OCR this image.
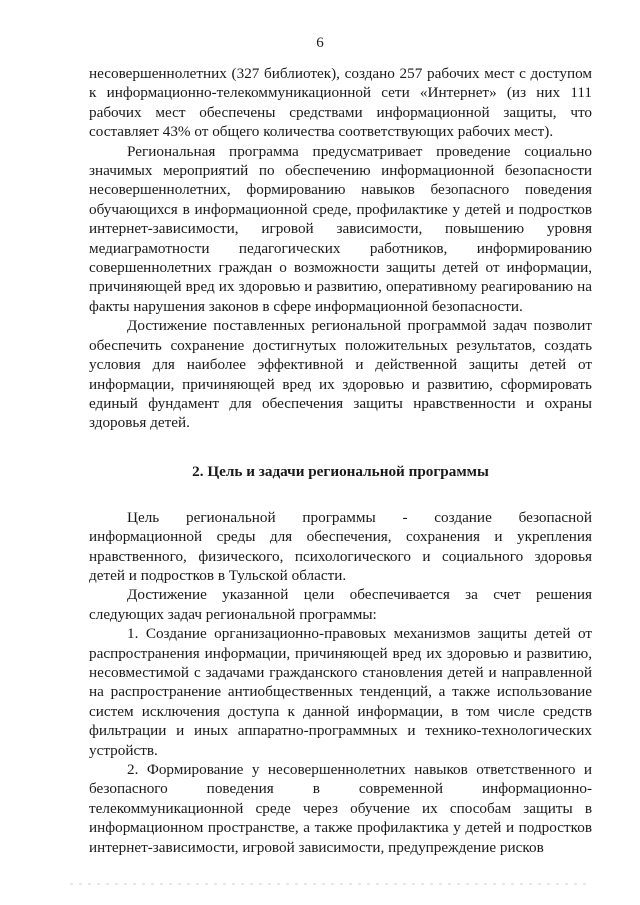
6

несовершеннолетних (327 библиотек), создано 257 рабочих мест с доступом к информационно-телекоммуникационной сети «Интернет» (из них 111 рабочих мест обеспечены средствами информационной защиты, что составляет 43% от общего количества соответствующих рабочих мест).

Региональная программа предусматривает проведение социально значимых мероприятий по обеспечению информационной безопасности несовершеннолетних, формированию навыков безопасного поведения обучающихся в информационной среде, профилактике у детей и подростков интернет-зависимости, игровой зависимости, повышению уровня медиаграмотности педагогических работников, информированию совершеннолетних граждан о возможности защиты детей от информации, причиняющей вред их здоровью и развитию, оперативному реагированию на факты нарушения законов в сфере информационной безопасности.

Достижение поставленных региональной программой задач позволит обеспечить сохранение достигнутых положительных результатов, создать условия для наиболее эффективной и действенной защиты детей от информации, причиняющей вред их здоровью и развитию, сформировать единый фундамент для обеспечения защиты нравственности и охраны здоровья детей.

2. Цель и задачи региональной программы

Цель региональной программы - создание безопасной информационной среды для обеспечения, сохранения и укрепления нравственного, физического, психологического и социального здоровья детей и подростков в Тульской области.

Достижение указанной цели обеспечивается за счет решения следующих задач региональной программы:

1. Создание организационно-правовых механизмов защиты детей от распространения информации, причиняющей вред их здоровью и развитию, несовместимой с задачами гражданского становления детей и направленной на распространение антиобщественных тенденций, а также использование систем исключения доступа к данной информации, в том числе средств фильтрации и иных аппаратно-программных и технико-технологических устройств.

2. Формирование у несовершеннолетних навыков ответственного и безопасного поведения в современной информационно-телекоммуникационной среде через обучение их способам защиты в информационном пространстве, а также профилактика у детей и подростков интернет-зависимости, игровой зависимости, предупреждение рисков
